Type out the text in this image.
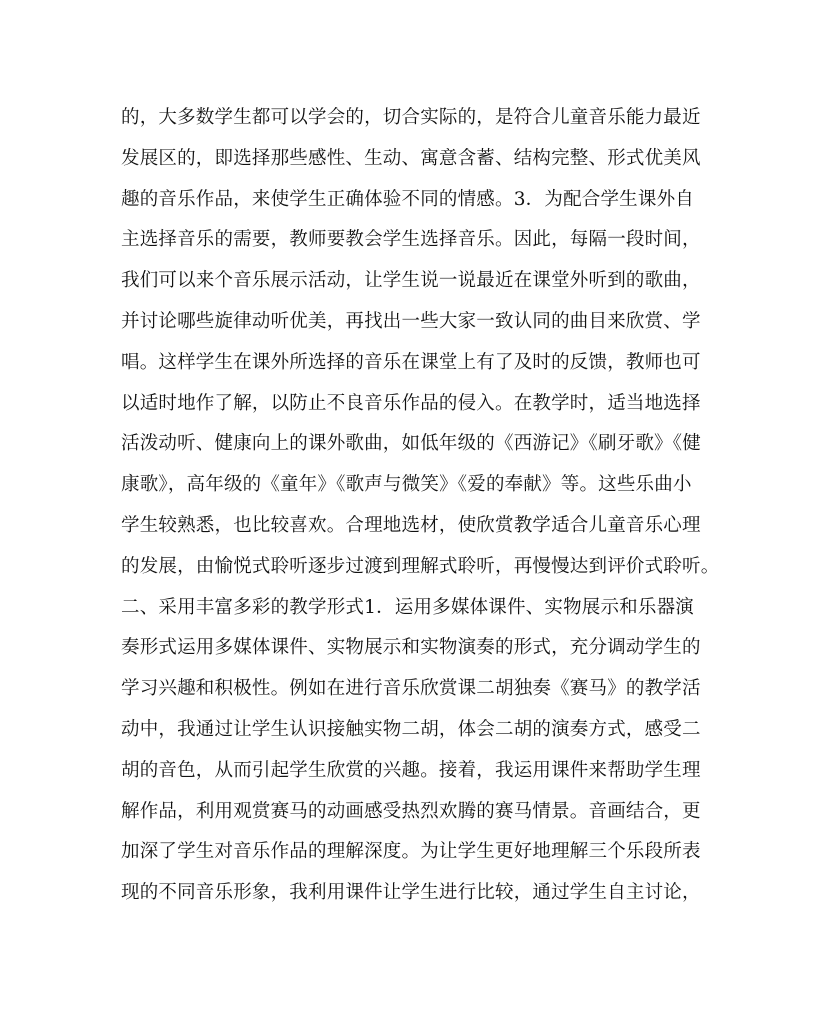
的，大多数学生都可以学会的，切合实际的，是符合儿童音乐能力最近
发展区的，即选择那些感性、生动、寓意含蓄、结构完整、形式优美风
趣的音乐作品，来使学生正确体验不同的情感。3．为配合学生课外自
主选择音乐的需要，教师要教会学生选择音乐。因此，每隔一段时间，
我们可以来个音乐展示活动，让学生说一说最近在课堂外听到的歌曲，
并讨论哪些旋律动听优美，再找出一些大家一致认同的曲目来欣赏、学
唱。这样学生在课外所选择的音乐在课堂上有了及时的反馈，教师也可
以适时地作了解，以防止不良音乐作品的侵入。在教学时，适当地选择
活泼动听、健康向上的课外歌曲，如低年级的《西游记》《刷牙歌》《健
康歌》，高年级的《童年》《歌声与微笑》《爱的奉献》等。这些乐曲小
学生较熟悉，也比较喜欢。合理地选材，使欣赏教学适合儿童音乐心理
的发展，由愉悦式聆听逐步过渡到理解式聆听，再慢慢达到评价式聆听。
二、采用丰富多彩的教学形式1．运用多媒体课件、实物展示和乐器演
奏形式运用多媒体课件、实物展示和实物演奏的形式，充分调动学生的
学习兴趣和积极性。例如在进行音乐欣赏课二胡独奏《赛马》的教学活
动中，我通过让学生认识接触实物二胡，体会二胡的演奏方式，感受二
胡的音色，从而引起学生欣赏的兴趣。接着，我运用课件来帮助学生理
解作品，利用观赏赛马的动画感受热烈欢腾的赛马情景。音画结合，更
加深了学生对音乐作品的理解深度。为让学生更好地理解三个乐段所表
现的不同音乐形象，我利用课件让学生进行比较，通过学生自主讨论，
